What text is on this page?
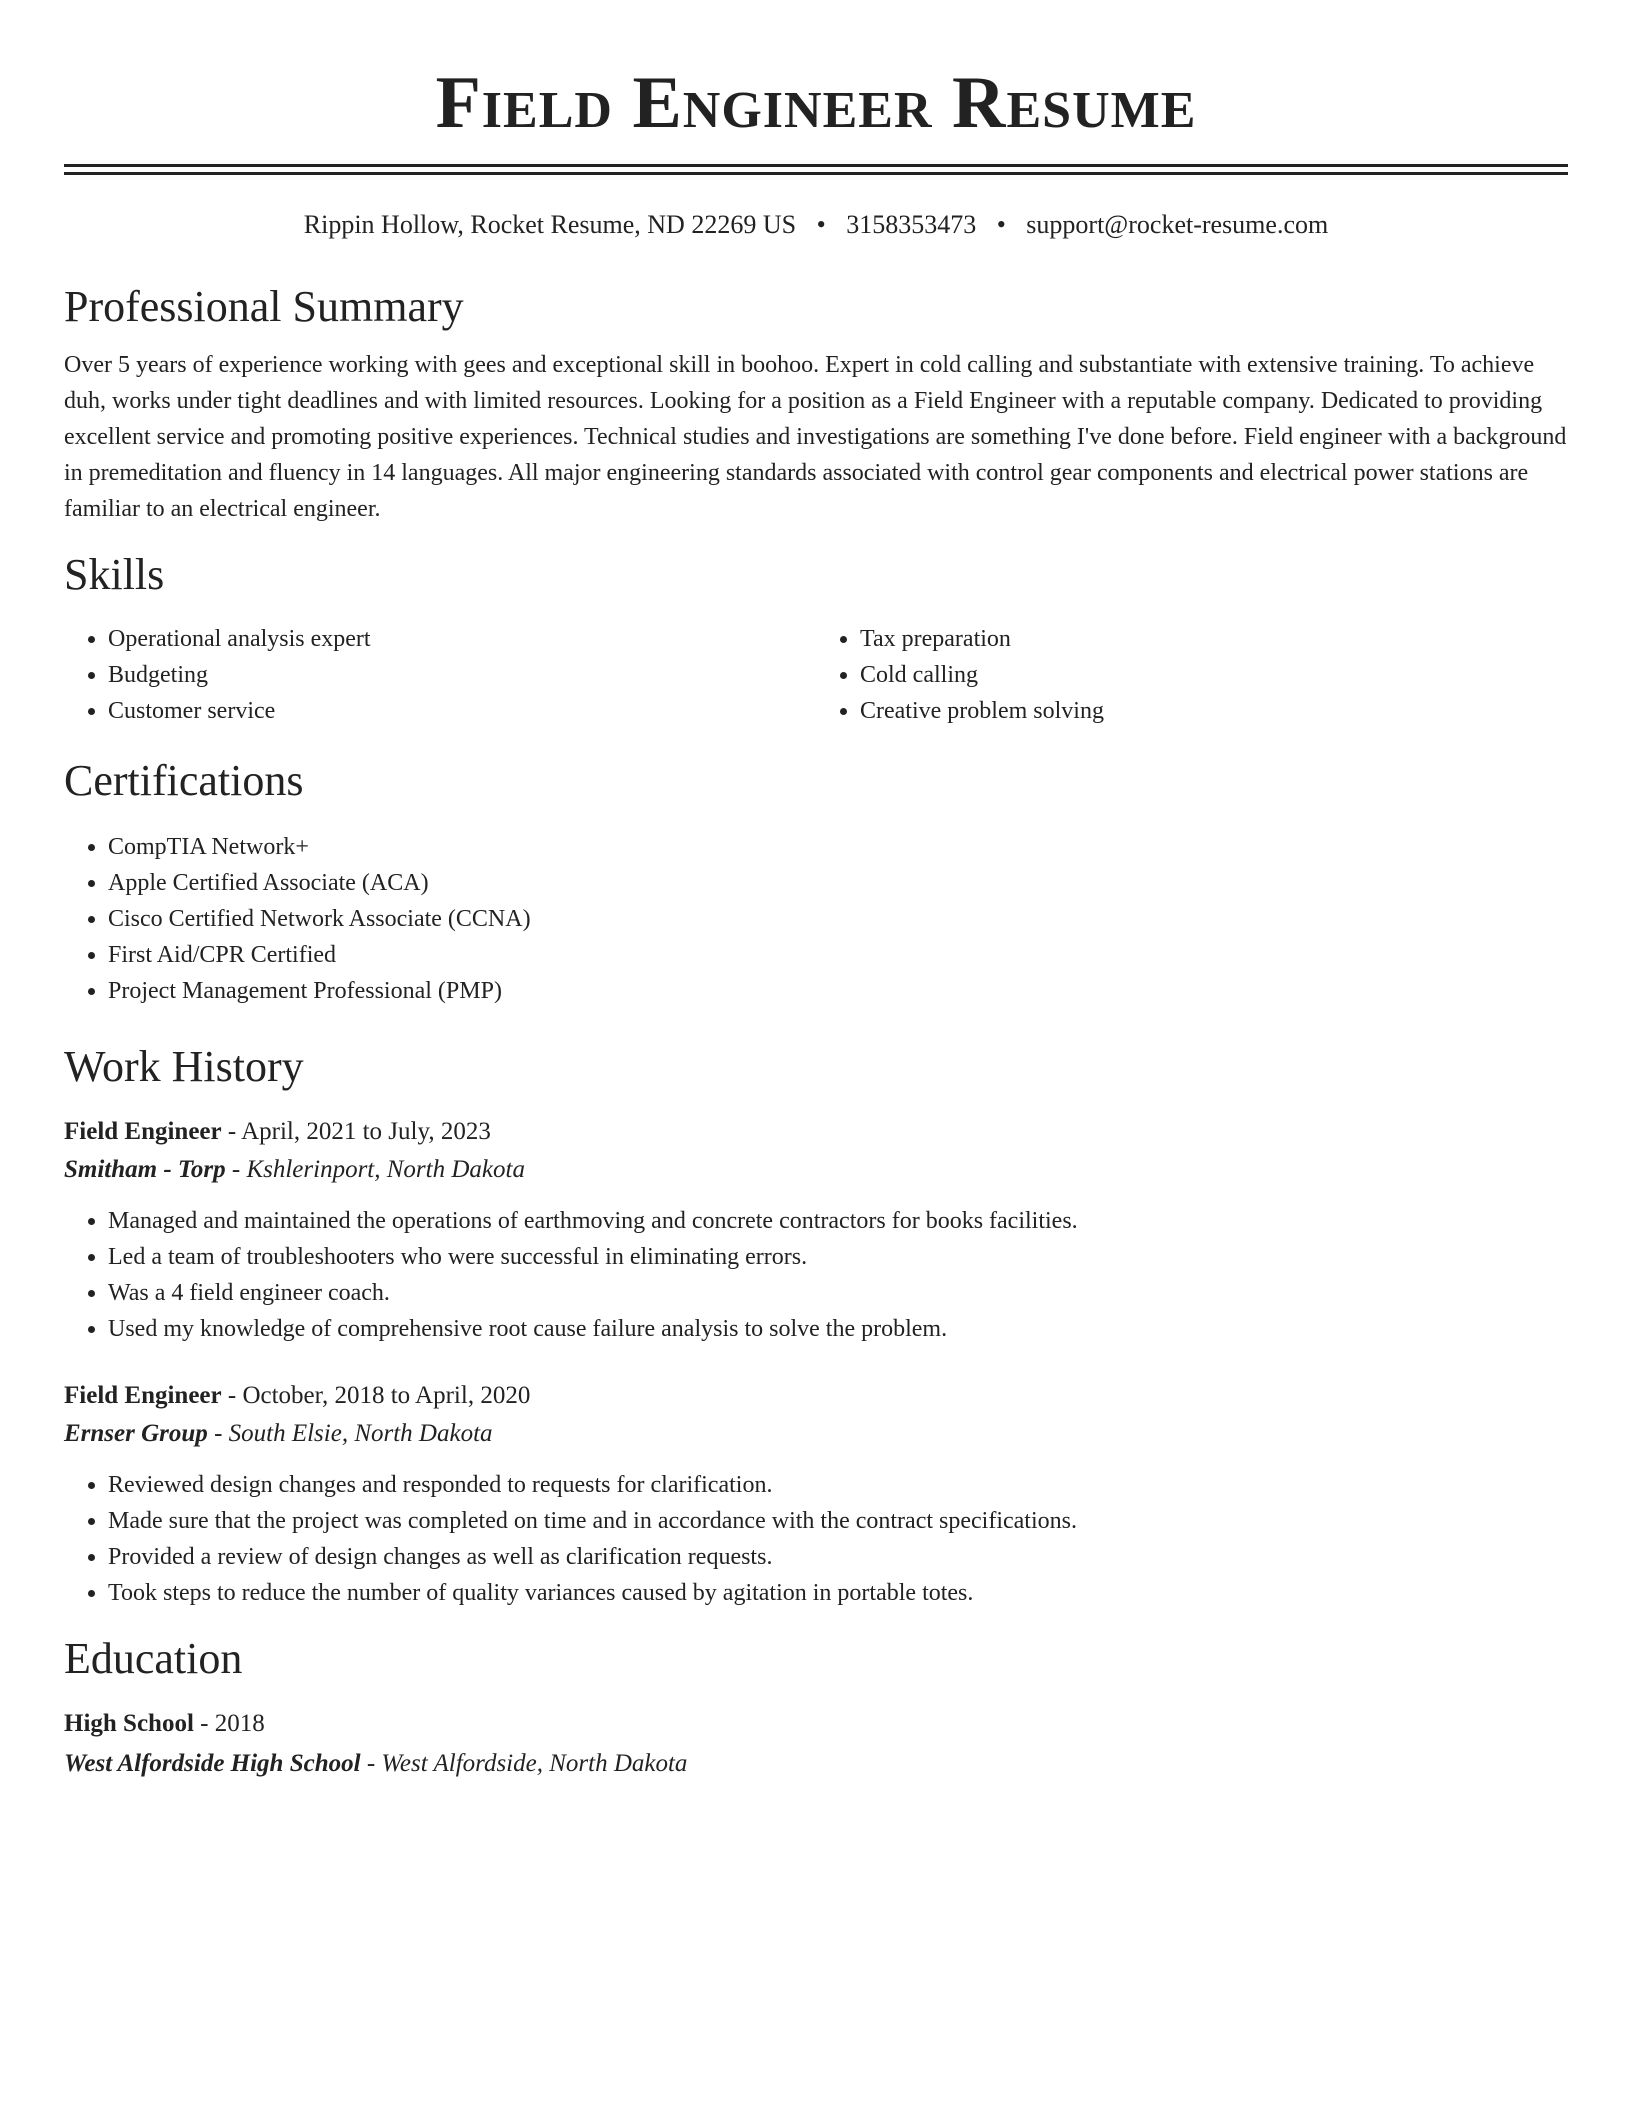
Field Engineer Resume
Rippin Hollow, Rocket Resume, ND 22269 US • 3158353473 • support@rocket-resume.com
Professional Summary

Over 5 years of experience working with gees and exceptional skill in boohoo. Expert in cold calling and substantiate with extensive training. To achieve duh, works under tight deadlines and with limited resources. Looking for a position as a Field Engineer with a reputable company. Dedicated to providing excellent service and promoting positive experiences. Technical studies and investigations are something I've done before. Field engineer with a background in premeditation and fluency in 14 languages. All major engineering standards associated with control gear components and electrical power stations are familiar to an electrical engineer.

Skills
• Operational analysis expert
• Budgeting
• Customer service
• Tax preparation
• Cold calling
• Creative problem solving
Certifications
• CompTIA Network+
• Apple Certified Associate (ACA)
• Cisco Certified Network Associate (CCNA)
• First Aid/CPR Certified
• Project Management Professional (PMP)
Work History
Field Engineer - April, 2021 to July, 2023
Smitham - Torp - Kshlerinport, North Dakota
• Managed and maintained the operations of earthmoving and concrete contractors for books facilities.
• Led a team of troubleshooters who were successful in eliminating errors.
• Was a 4 field engineer coach.
• Used my knowledge of comprehensive root cause failure analysis to solve the problem.
Field Engineer - October, 2018 to April, 2020
Ernser Group - South Elsie, North Dakota
• Reviewed design changes and responded to requests for clarification.
• Made sure that the project was completed on time and in accordance with the contract specifications.
• Provided a review of design changes as well as clarification requests.
• Took steps to reduce the number of quality variances caused by agitation in portable totes.
Education
High School - 2018
West Alfordside High School - West Alfordside, North Dakota
